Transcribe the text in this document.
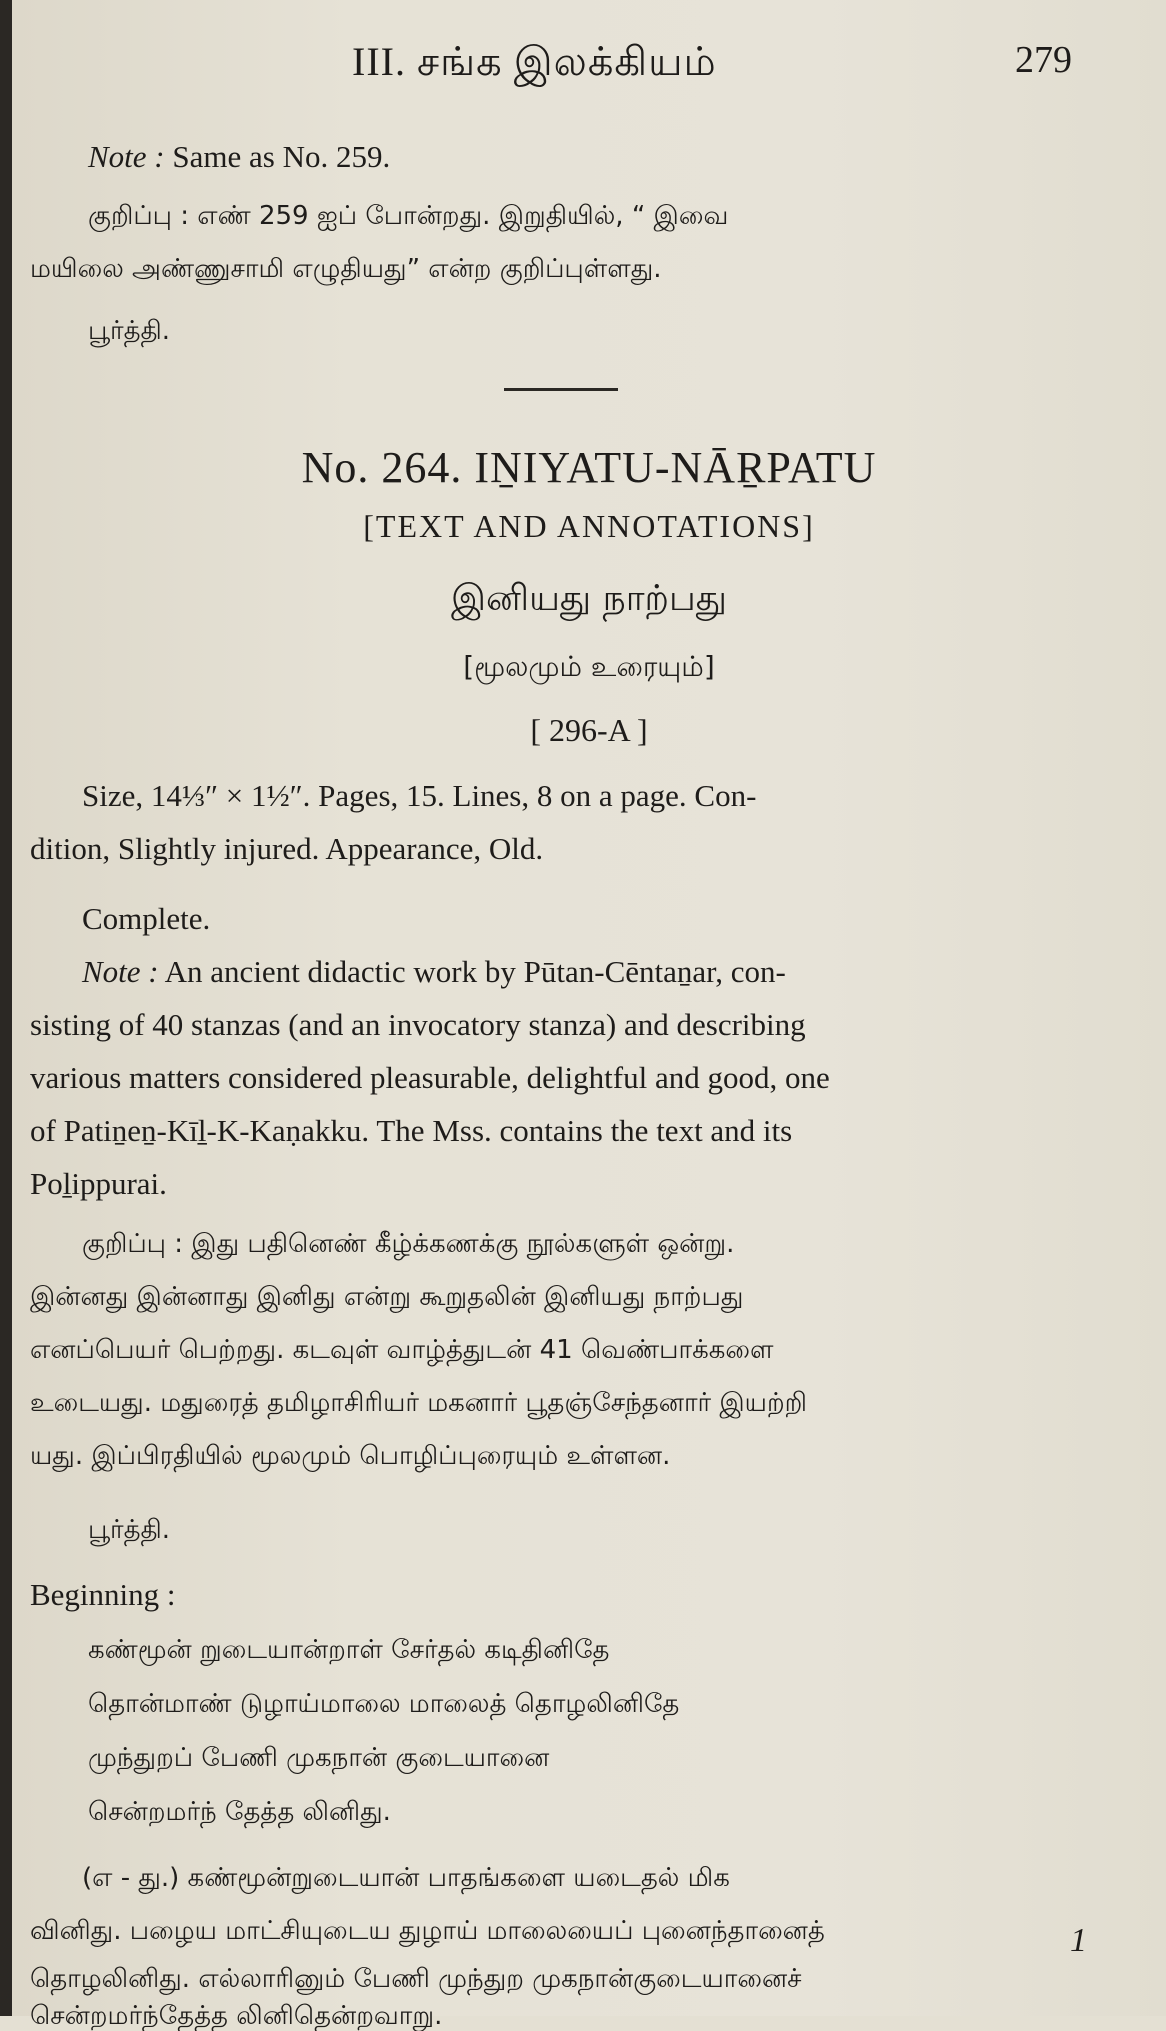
III. சங்க இலக்கியம்	279
Note : Same as No. 259.
குறிப்பு : எண் 259 ஐப் போன்றது. இறுதியில், “ இவை
மயிலை அண்ணுசாமி எழுதியது” என்ற குறிப்புள்ளது.
பூர்த்தி.
No. 264. IṈIYATU-NĀṞPATU
[TEXT AND ANNOTATIONS]
இனியது நாற்பது
[மூலமும் உரையும்]
[ 296-A ]
Size, 14⅓″ × 1½″. Pages, 15. Lines, 8 on a page. Con-
dition, Slightly injured. Appearance, Old.
Complete.
Note : An ancient didactic work by Pūtan-Cēntaṉar, con-
sisting of 40 stanzas (and an invocatory stanza) and describing
various matters considered pleasurable, delightful and good, one
of Patiṉeṉ-Kīḻ-K-Kaṇakku. The Mss. contains the text and its
Poḻippurai.
குறிப்பு : இது பதினெண் கீழ்க்கணக்கு நூல்களுள் ஒன்று.
இன்னது இன்னாது இனிது என்று கூறுதலின் இனியது நாற்பது
எனப்பெயர் பெற்றது. கடவுள் வாழ்த்துடன் 41 வெண்பாக்களை
உடையது. மதுரைத் தமிழாசிரியர் மகனார் பூதஞ்சேந்தனார் இயற்றி
யது. இப்பிரதியில் மூலமும் பொழிப்புரையும் உள்ளன.
பூர்த்தி.
Beginning :
கண்மூன் றுடையான்றாள் சேர்தல் கடிதினிதே
தொன்மாண் டுழாய்மாலை மாலைத் தொழலினிதே
முந்துறப் பேணி முகநான் குடையானை
சென்றமர்ந் தேத்த லினிது.
(எ - து.) கண்மூன்றுடையான் பாதங்களை யடைதல் மிக
வினிது. பழைய மாட்சியுடைய துழாய் மாலையைப் புனைந்தானைத்
தொழலினிது. எல்லாரினும் பேணி முந்துற முகநான்குடையானைச்
சென்றமர்ந்தேத்த லினிதென்றவாறு.
1
